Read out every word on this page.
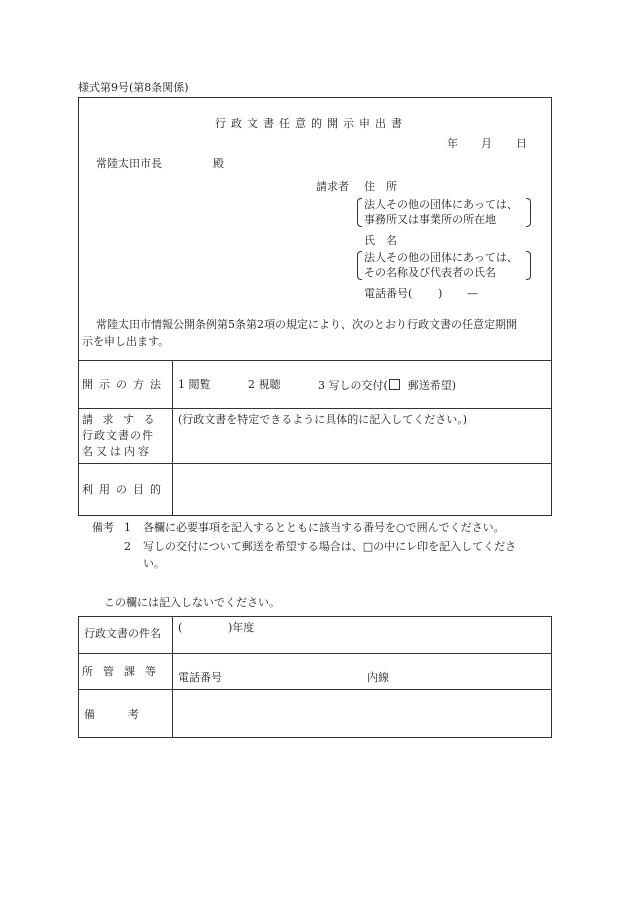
様式第9号(第8条関係)
行政文書任意的開示申出書
年 月 日
常陸太田市長	殿
請求者 住　所
法人その他の団体にあっては、
事務所又は事業所の所在地
氏　名
法人その他の団体にあっては、
その名称及び代表者の氏名
電話番号( ) —
常陸太田市情報公開条例第5条第2項の規定により、次のとおり行政文書の任意定期開
示を申し出ます。
開示の方法 1 閲覧	2 視聴	3 写しの交付( 郵送希望)
請 求 す る
行政文書の件
名又は内容
(行政文書を特定できるように具体的に記入してください。)
利用の目的
備考 1 各欄に必要事項を記入するとともに該当する番号を○で囲んでください。
2 写しの交付について郵送を希望する場合は、□の中にレ印を記入してくださ
い。
この欄には記入しないでください。
行政文書の件名 (	)年度
所管課等 電話番号	内線
備　　　考
